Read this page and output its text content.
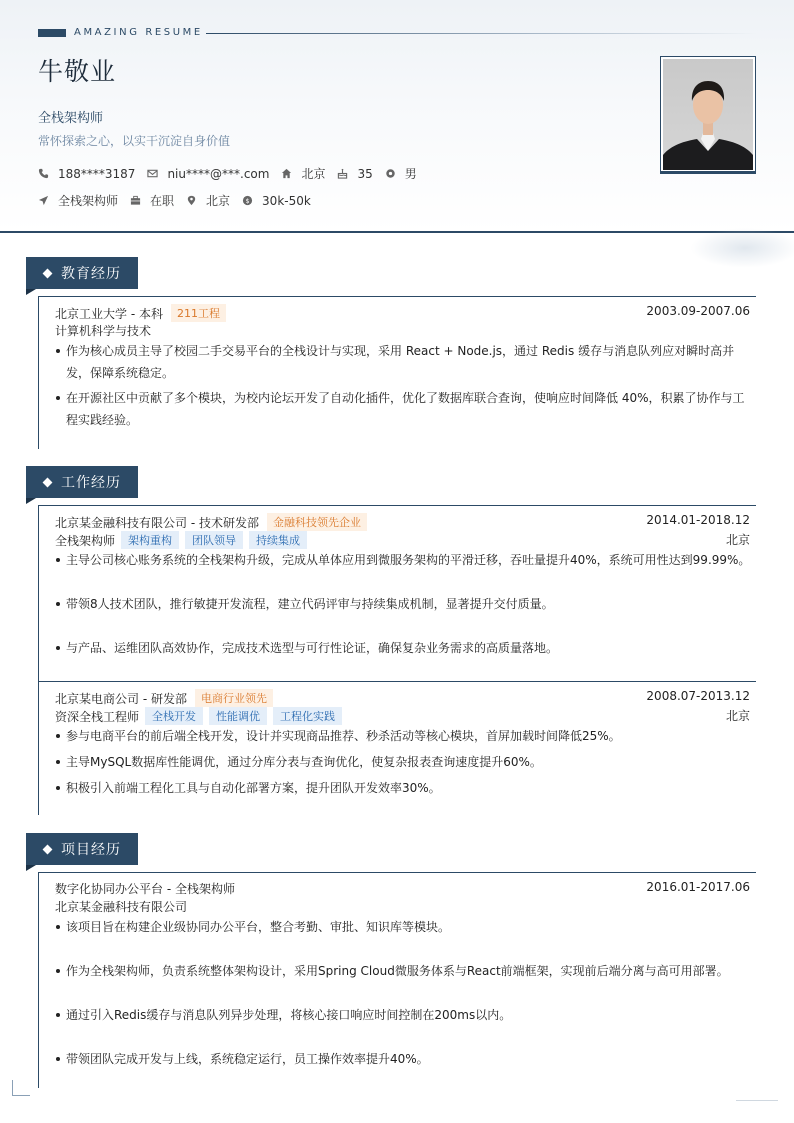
AMAZING RESUME
牛敬业
全栈架构师
常怀探索之心，以实干沉淀自身价值
188****3187	niu****@***.com	北京	35	男
全栈架构师	在职	北京 $ 30k-50k
教育经历
北京工业大学 - 本科	211工程	2003.09-2007.06
计算机科学与技术
作为核心成员主导了校园二手交易平台的全栈设计与实现，采用 React + Node.js，通过 Redis 缓存与消息队列应对瞬时高并发，保障系统稳定。
在开源社区中贡献了多个模块，为校内论坛开发了自动化插件，优化了数据库联合查询，使响应时间降低 40%，积累了协作与工程实践经验。
工作经历
北京某金融科技有限公司 - 技术研发部	金融科技领先企业	2014.01-2018.12
全栈架构师	架构重构	团队领导	持续集成	北京
主导公司核心账务系统的全栈架构升级，完成从单体应用到微服务架构的平滑迁移，吞吐量提升40%，系统可用性达到99.99%。
带领8人技术团队，推行敏捷开发流程，建立代码评审与持续集成机制，显著提升交付质量。
与产品、运维团队高效协作，完成技术选型与可行性论证，确保复杂业务需求的高质量落地。
北京某电商公司 - 研发部	电商行业领先	2008.07-2013.12
资深全栈工程师	全栈开发	性能调优	工程化实践	北京
参与电商平台的前后端全栈开发，设计并实现商品推荐、秒杀活动等核心模块，首屏加载时间降低25%。
主导MySQL数据库性能调优，通过分库分表与查询优化，使复杂报表查询速度提升60%。
积极引入前端工程化工具与自动化部署方案，提升团队开发效率30%。
项目经历
数字化协同办公平台 - 全栈架构师	2016.01-2017.06
北京某金融科技有限公司
该项目旨在构建企业级协同办公平台，整合考勤、审批、知识库等模块。
作为全栈架构师，负责系统整体架构设计，采用Spring Cloud微服务体系与React前端框架，实现前后端分离与高可用部署。
通过引入Redis缓存与消息队列异步处理，将核心接口响应时间控制在200ms以内。
带领团队完成开发与上线，系统稳定运行，员工操作效率提升40%。
